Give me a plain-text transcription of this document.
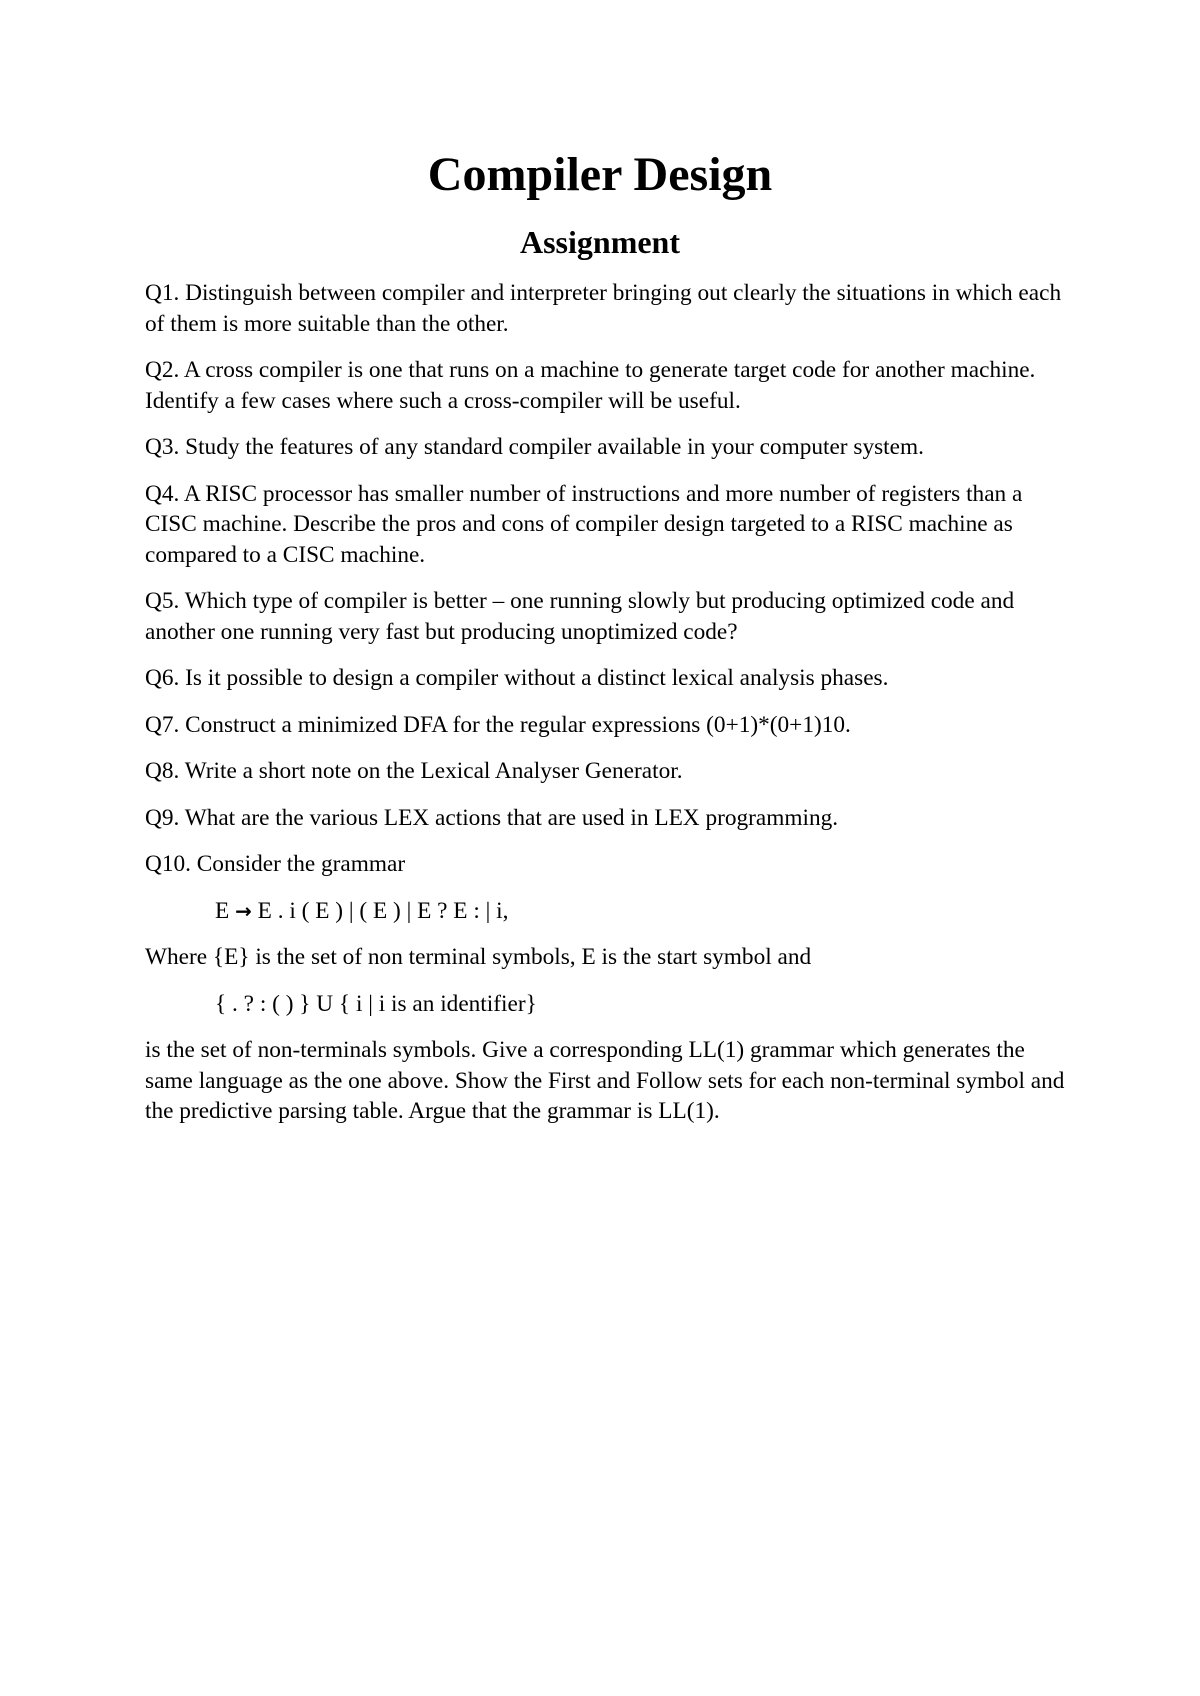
Compiler Design
Assignment

Q1. Distinguish between compiler and interpreter bringing out clearly the situations in which each of them is more suitable than the other.

Q2. A cross compiler is one that runs on a machine to generate target code for another machine. Identify a few cases where such a cross-compiler will be useful.

Q3. Study the features of any standard compiler available in your computer system.

Q4. A RISC processor has smaller number of instructions and more number of registers than a CISC machine. Describe the pros and cons of compiler design targeted to a RISC machine as compared to a CISC machine.

Q5. Which type of compiler is better – one running slowly but producing optimized code and another one running very fast but producing unoptimized code?

Q6. Is it possible to design a compiler without a distinct lexical analysis phases.

Q7. Construct a minimized DFA for the regular expressions (0+1)*(0+1)10.

Q8. Write a short note on the Lexical Analyser Generator.

Q9. What are the various LEX actions that are used in LEX programming.

Q10. Consider the grammar

E → E . i ( E ) | ( E ) | E ? E : | i,

Where {E} is the set of non terminal symbols, E is the start symbol and

{ . ? : ( ) } U { i | i is an identifier}

is the set of non-terminals symbols. Give a corresponding LL(1) grammar which generates the same language as the one above. Show the First and Follow sets for each non-terminal symbol and the predictive parsing table. Argue that the grammar is LL(1).
